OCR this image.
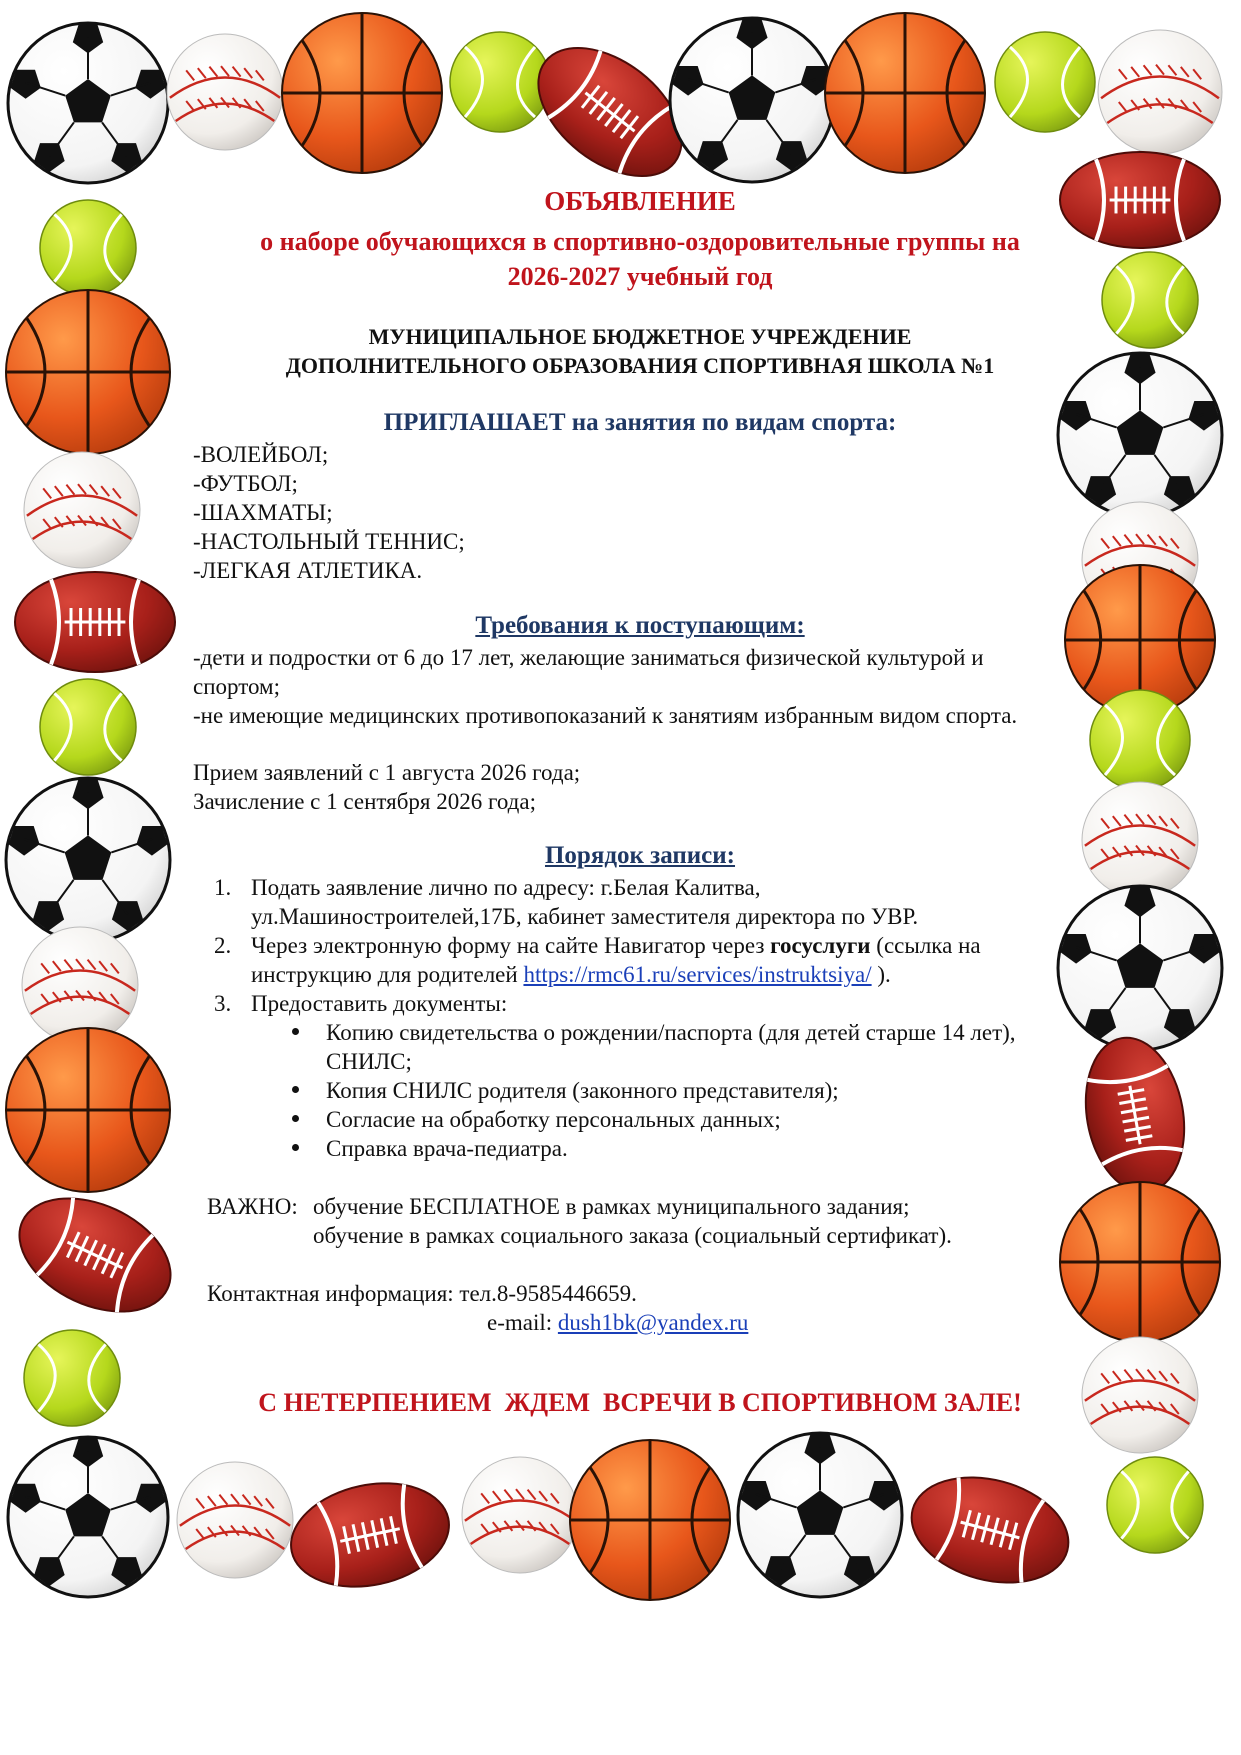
ОБЪЯВЛЕНИЕ
о наборе обучающихся в спортивно-оздоровительные группы на
2026-2027 учебный год
МУНИЦИПАЛЬНОЕ БЮДЖЕТНОЕ УЧРЕЖДЕНИЕ
ДОПОЛНИТЕЛЬНОГО ОБРАЗОВАНИЯ СПОРТИВНАЯ ШКОЛА №1
ПРИГЛАШАЕТ на занятия по видам спорта:
-ВОЛЕЙБОЛ;
-ФУТБОЛ;
-ШАХМАТЫ;
-НАСТОЛЬНЫЙ ТЕННИС;
-ЛЕГКАЯ АТЛЕТИКА.
Требования к поступающим:
-дети и подростки от 6 до 17 лет, желающие заниматься физической культурой и
спортом;
-не имеющие медицинских противопоказаний к занятиям избранным видом спорта.
Прием заявлений с 1 августа 2026 года;
Зачисление с 1 сентября 2026 года;
Порядок записи:
1. Подать заявление лично по адресу: г.Белая Калитва,
ул.Машиностроителей,17Б, кабинет заместителя директора по УВР.
2. Через электронную форму на сайте Навигатор через госуслуги (ссылка на
инструкцию для родителей https://rmc61.ru/services/instruktsiya/ ).
3. Предоставить документы:
Копию свидетельства о рождении/паспорта (для детей старше 14 лет),
СНИЛС;
Копия СНИЛС родителя (законного представителя);
Согласие на обработку персональных данных;
Справка врача-педиатра.
ВАЖНО: обучение БЕСПЛАТНОЕ в рамках муниципального задания;
обучение в рамках социального заказа (социальный сертификат).
Контактная информация: тел.8-9585446659.
e-mail: dush1bk@yandex.ru
С НЕТЕРПЕНИЕМ  ЖДЕМ  ВСРЕЧИ В СПОРТИВНОМ ЗАЛЕ!
